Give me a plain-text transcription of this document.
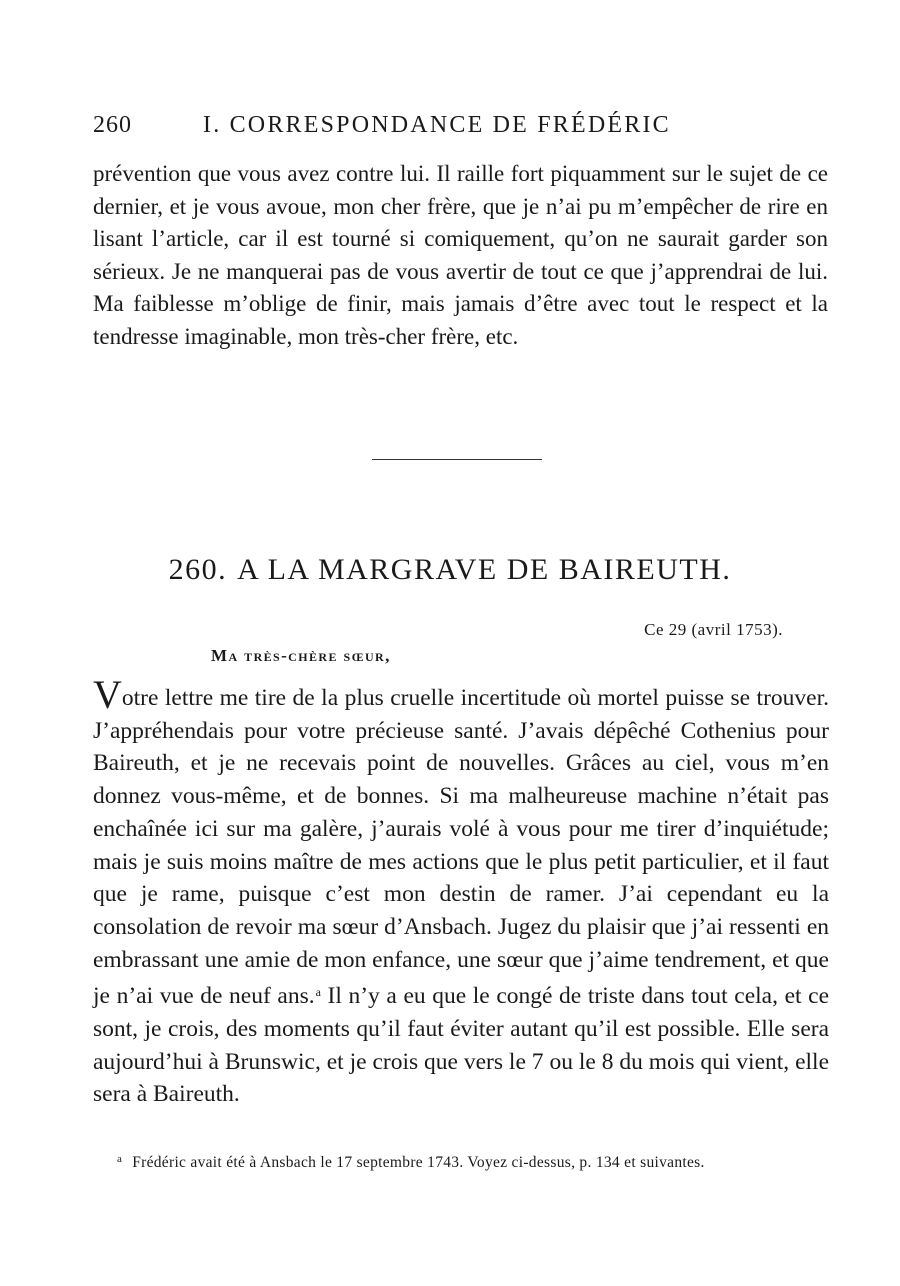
260	I. CORRESPONDANCE DE FRÉDÉRIC

prévention que vous avez contre lui. Il raille fort piquamment sur le sujet de ce dernier, et je vous avoue, mon cher frère, que je n’ai pu m’empêcher de rire en lisant l’article, car il est tourné si comiquement, qu’on ne saurait garder son sérieux. Je ne manquerai pas de vous avertir de tout ce que j’apprendrai de lui. Ma faiblesse m’oblige de finir, mais jamais d’être avec tout le respect et la tendresse imaginable, mon très-cher frère, etc.

260. A LA MARGRAVE DE BAIREUTH.
Ce 29 (avril 1753).
Ma très-chère sœur,

Votre lettre me tire de la plus cruelle incertitude où mortel puisse se trouver. J’appréhendais pour votre précieuse santé. J’avais dépêché Cothenius pour Baireuth, et je ne recevais point de nouvelles. Grâces au ciel, vous m’en donnez vous-même, et de bonnes. Si ma malheureuse machine n’était pas enchaînée ici sur ma galère, j’aurais volé à vous pour me tirer d’inquiétude; mais je suis moins maître de mes actions que le plus petit particulier, et il faut que je rame, puisque c’est mon destin de ramer. J’ai cependant eu la consolation de revoir ma sœur d’Ansbach. Jugez du plaisir que j’ai ressenti en embrassant une amie de mon enfance, une sœur que j’aime tendrement, et que je n’ai vue de neuf ans.$^a$ Il n’y a eu que le congé de triste dans tout cela, et ce sont, je crois, des moments qu’il faut éviter autant qu’il est possible. Elle sera aujourd’hui à Brunswic, et je crois que vers le 7 ou le 8 du mois qui vient, elle sera à Baireuth.

$^a$ Frédéric avait été à Ansbach le 17 septembre 1743. Voyez ci-dessus, p. 134 et suivantes.
